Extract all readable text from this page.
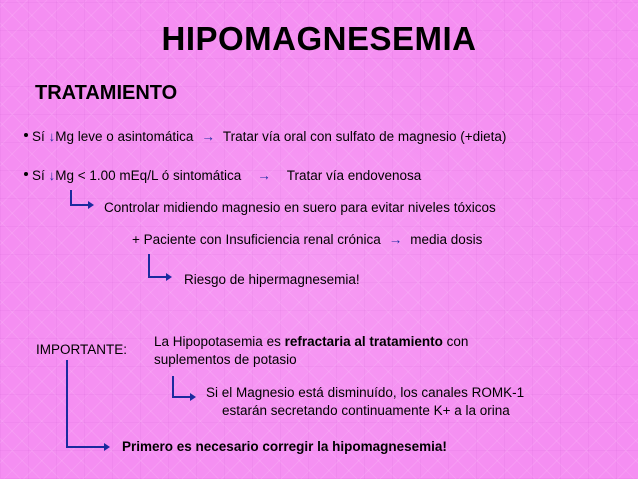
HIPOMAGNESEMIA
TRATAMIENTO
Sí ↓Mg leve o asintomática → Tratar vía oral con sulfato de magnesio (+dieta)
Sí ↓Mg < 1.00 mEq/L ó sintomática → Tratar vía endovenosa
Controlar midiendo magnesio en suero para evitar niveles tóxicos
+ Paciente con Insuficiencia renal crónica → media dosis
Riesgo de hipermagnesemia!
IMPORTANTE:
La Hipopotasemia es refractaria al tratamiento con
suplementos de potasio
Si el Magnesio está disminuído, los canales ROMK-1
estarán secretando continuamente K+ a la orina
Primero es necesario corregir la hipomagnesemia!
